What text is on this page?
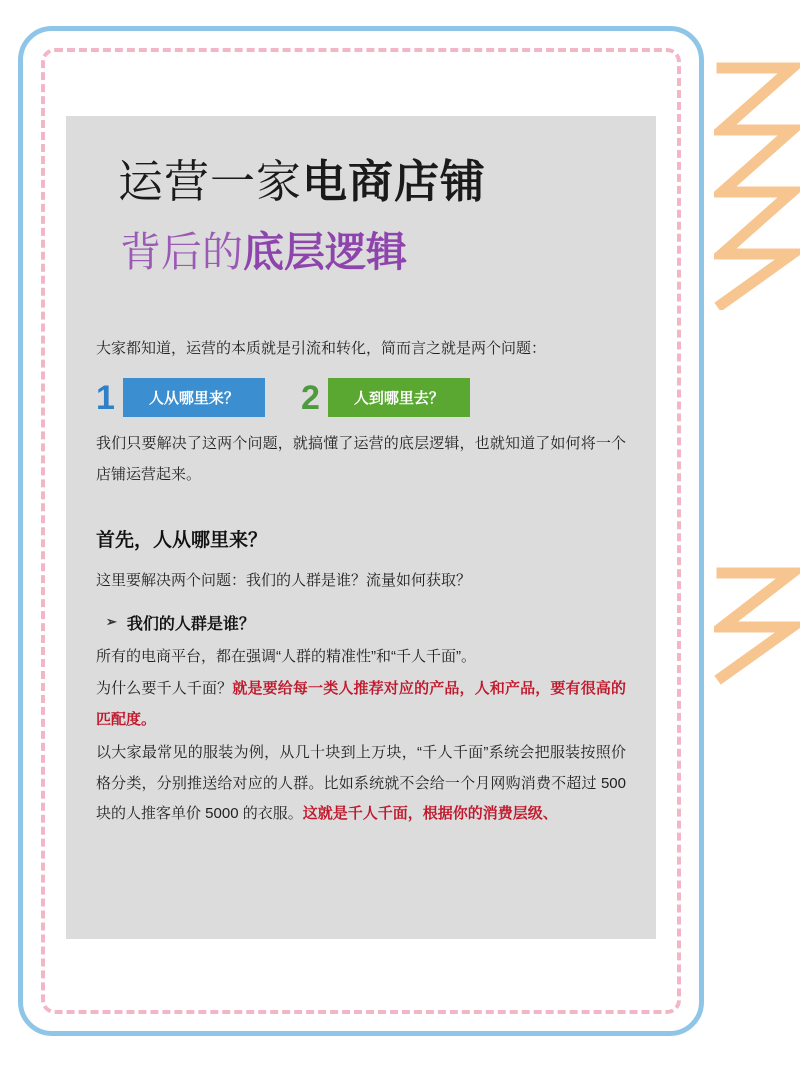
运营一家电商店铺
背后的底层逻辑

大家都知道，运营的本质就是引流和转化，简而言之就是两个问题：

1	人从哪里来？	2	人到哪里去？

我们只要解决了这两个问题，就搞懂了运营的底层逻辑，也就知道了如何将一个店铺运营起来。

首先，人从哪里来？

这里要解决两个问题：我们的人群是谁？流量如何获取？

➢ 我们的人群是谁？

所有的电商平台，都在强调“人群的精准性”和“千人千面”。

为什么要千人千面？就是要给每一类人推荐对应的产品，人和产品，要有很高的匹配度。

以大家最常见的服装为例，从几十块到上万块，“千人千面”系统会把服装按照价格分类，分别推送给对应的人群。比如系统就不会给一个月网购消费不超过 500 块的人推客单价 5000 的衣服。这就是千人千面，根据你的消费层级、
